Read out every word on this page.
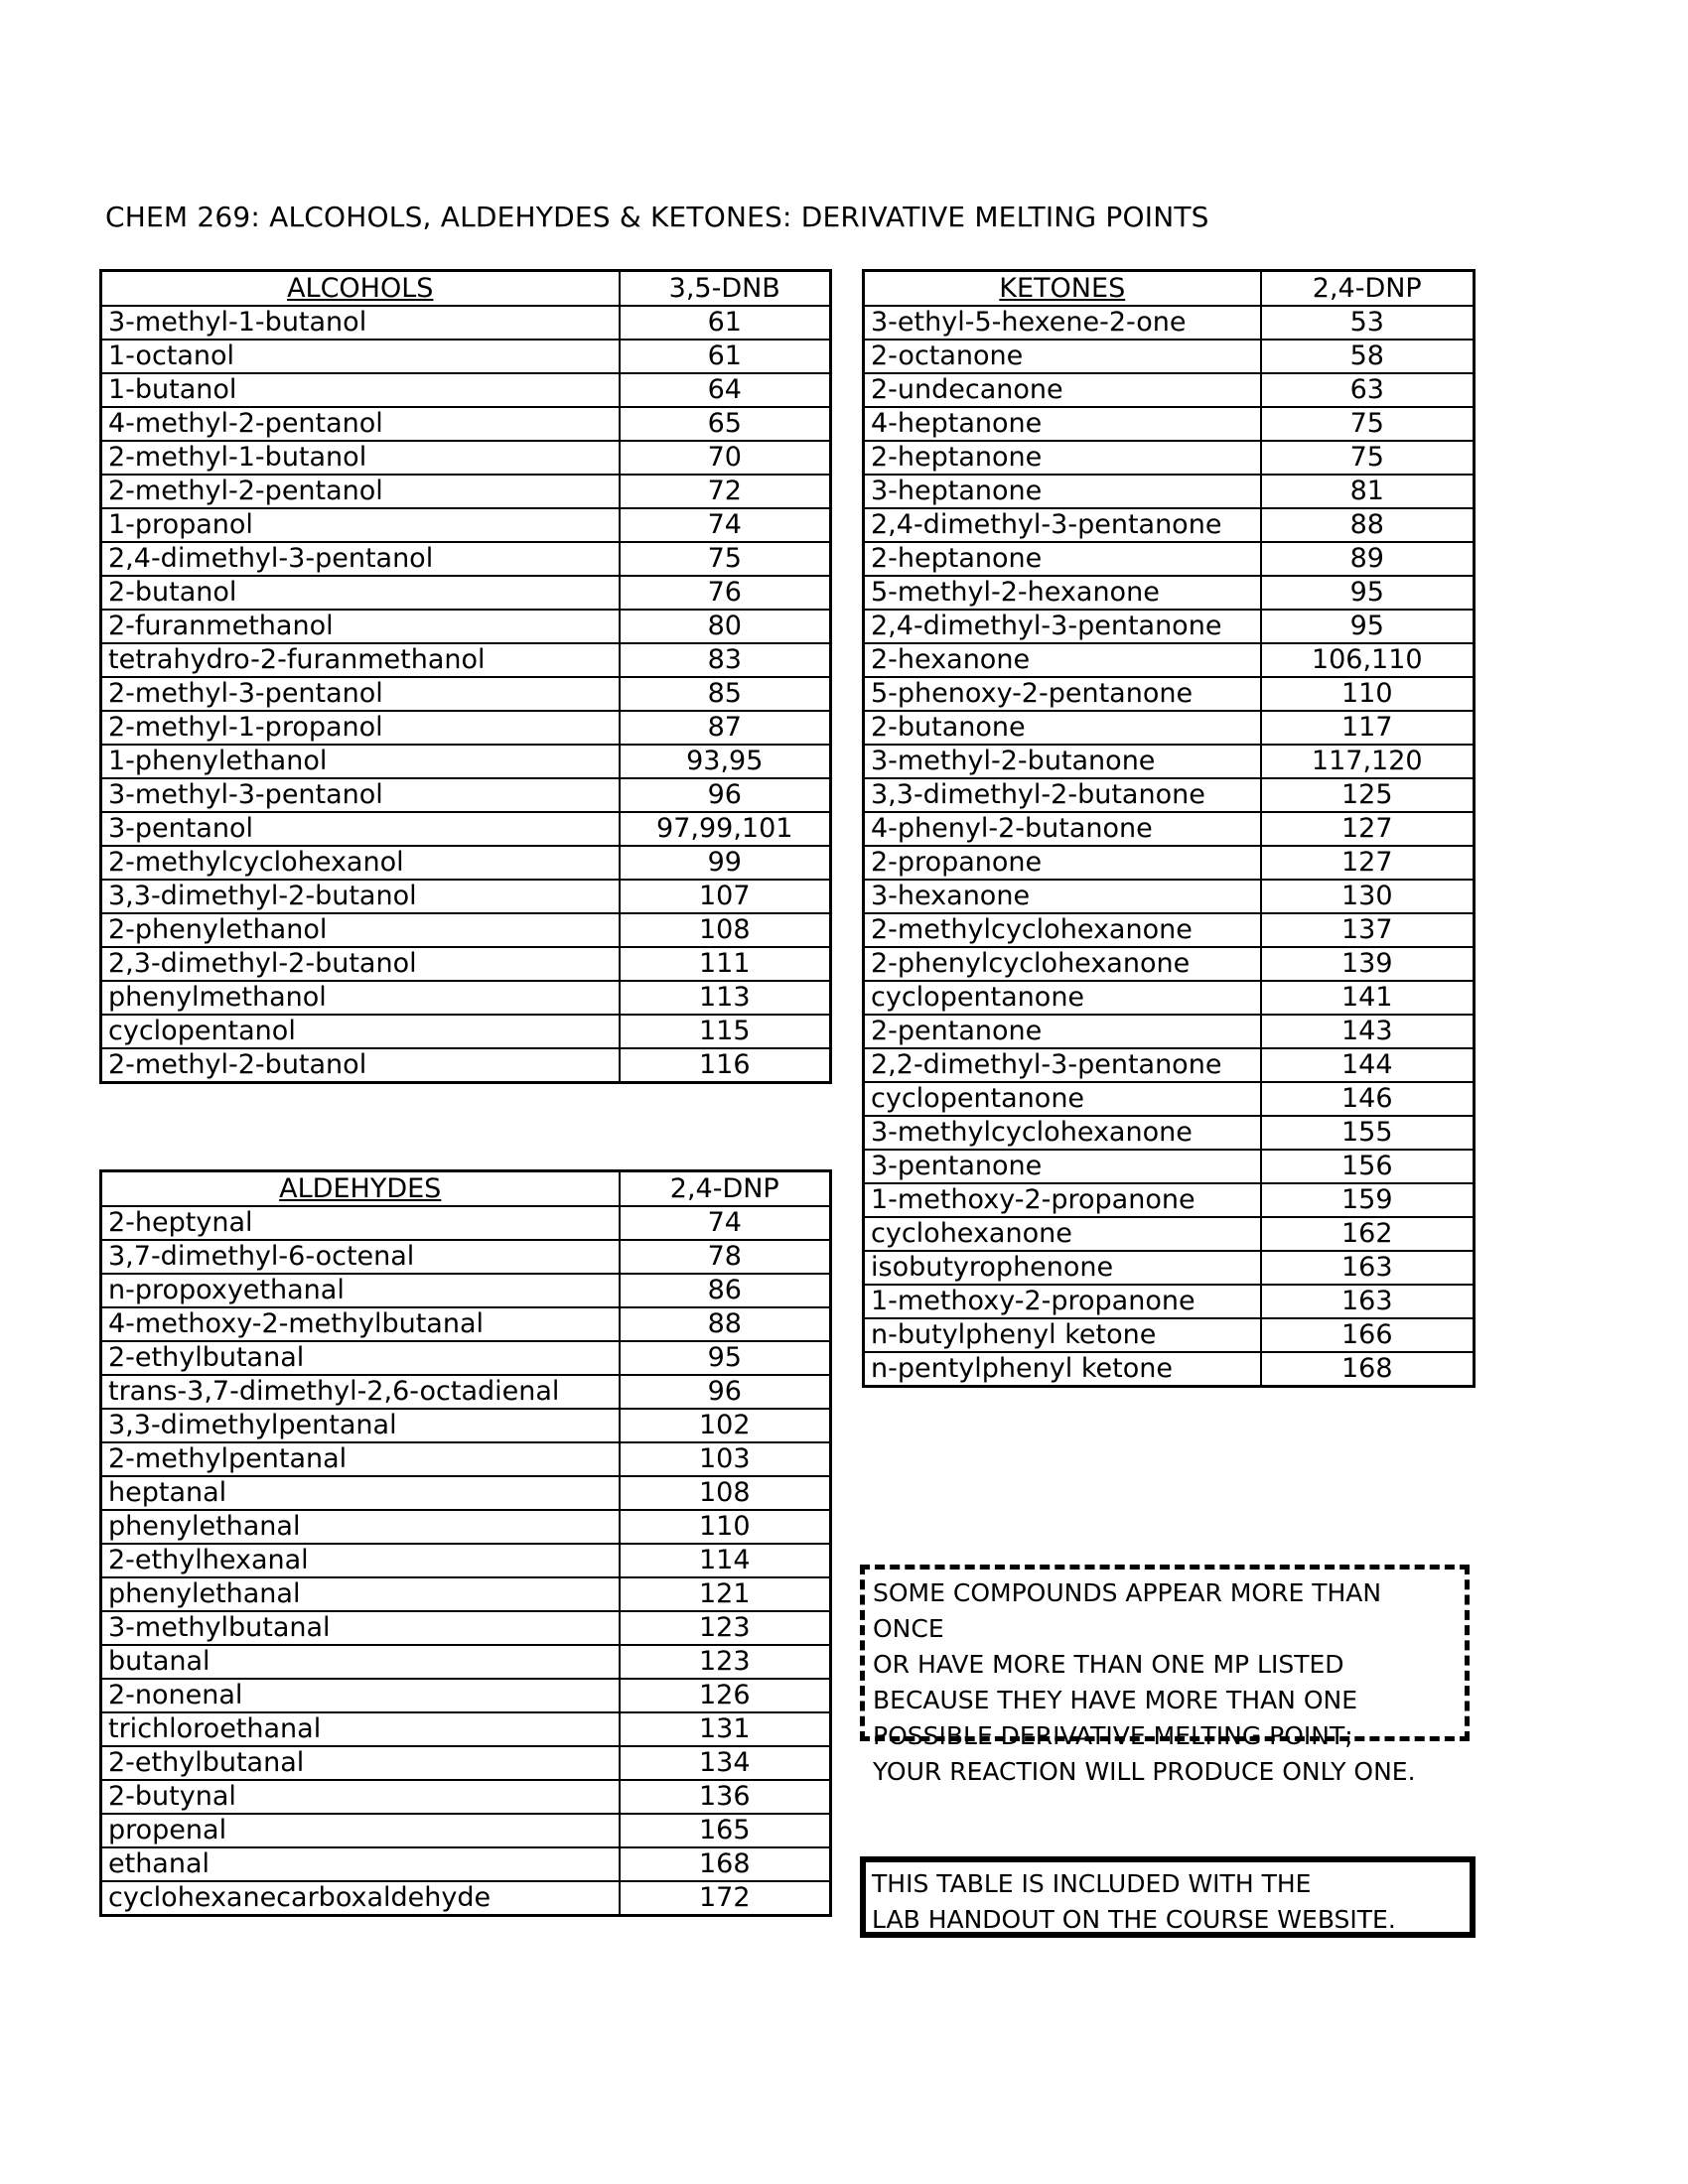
CHEM 269: ALCOHOLS, ALDEHYDES & KETONES: DERIVATIVE MELTING POINTS
ALCOHOLS	3,5-DNB
3-methyl-1-butanol	61
1-octanol	61
1-butanol	64
4-methyl-2-pentanol	65
2-methyl-1-butanol	70
2-methyl-2-pentanol	72
1-propanol	74
2,4-dimethyl-3-pentanol	75
2-butanol	76
2-furanmethanol	80
tetrahydro-2-furanmethanol	83
2-methyl-3-pentanol	85
2-methyl-1-propanol	87
1-phenylethanol	93,95
3-methyl-3-pentanol	96
3-pentanol	97,99,101
2-methylcyclohexanol	99
3,3-dimethyl-2-butanol	107
2-phenylethanol	108
2,3-dimethyl-2-butanol	111
phenylmethanol	113
cyclopentanol	115
2-methyl-2-butanol	116
ALDEHYDES	2,4-DNP
2-heptynal	74
3,7-dimethyl-6-octenal	78
n-propoxyethanal	86
4-methoxy-2-methylbutanal	88
2-ethylbutanal	95
trans-3,7-dimethyl-2,6-octadienal	96
3,3-dimethylpentanal	102
2-methylpentanal	103
heptanal	108
phenylethanal	110
2-ethylhexanal	114
phenylethanal	121
3-methylbutanal	123
butanal	123
2-nonenal	126
trichloroethanal	131
2-ethylbutanal	134
2-butynal	136
propenal	165
ethanal	168
cyclohexanecarboxaldehyde	172
KETONES	2,4-DNP
3-ethyl-5-hexene-2-one	53
2-octanone	58
2-undecanone	63
4-heptanone	75
2-heptanone	75
3-heptanone	81
2,4-dimethyl-3-pentanone	88
2-heptanone	89
5-methyl-2-hexanone	95
2,4-dimethyl-3-pentanone	95
2-hexanone	106,110
5-phenoxy-2-pentanone	110
2-butanone	117
3-methyl-2-butanone	117,120
3,3-dimethyl-2-butanone	125
4-phenyl-2-butanone	127
2-propanone	127
3-hexanone	130
2-methylcyclohexanone	137
2-phenylcyclohexanone	139
cyclopentanone	141
2-pentanone	143
2,2-dimethyl-3-pentanone	144
cyclopentanone	146
3-methylcyclohexanone	155
3-pentanone	156
1-methoxy-2-propanone	159
cyclohexanone	162
isobutyrophenone	163
1-methoxy-2-propanone	163
n-butylphenyl ketone	166
n-pentylphenyl ketone	168
SOME COMPOUNDS APPEAR MORE THAN ONCE
OR HAVE MORE THAN ONE MP LISTED
BECAUSE THEY HAVE MORE THAN ONE
POSSIBLE DERIVATIVE MELTING POINT;
YOUR REACTION WILL PRODUCE ONLY ONE.
THIS TABLE IS INCLUDED WITH THE
LAB HANDOUT ON THE COURSE WEBSITE.
